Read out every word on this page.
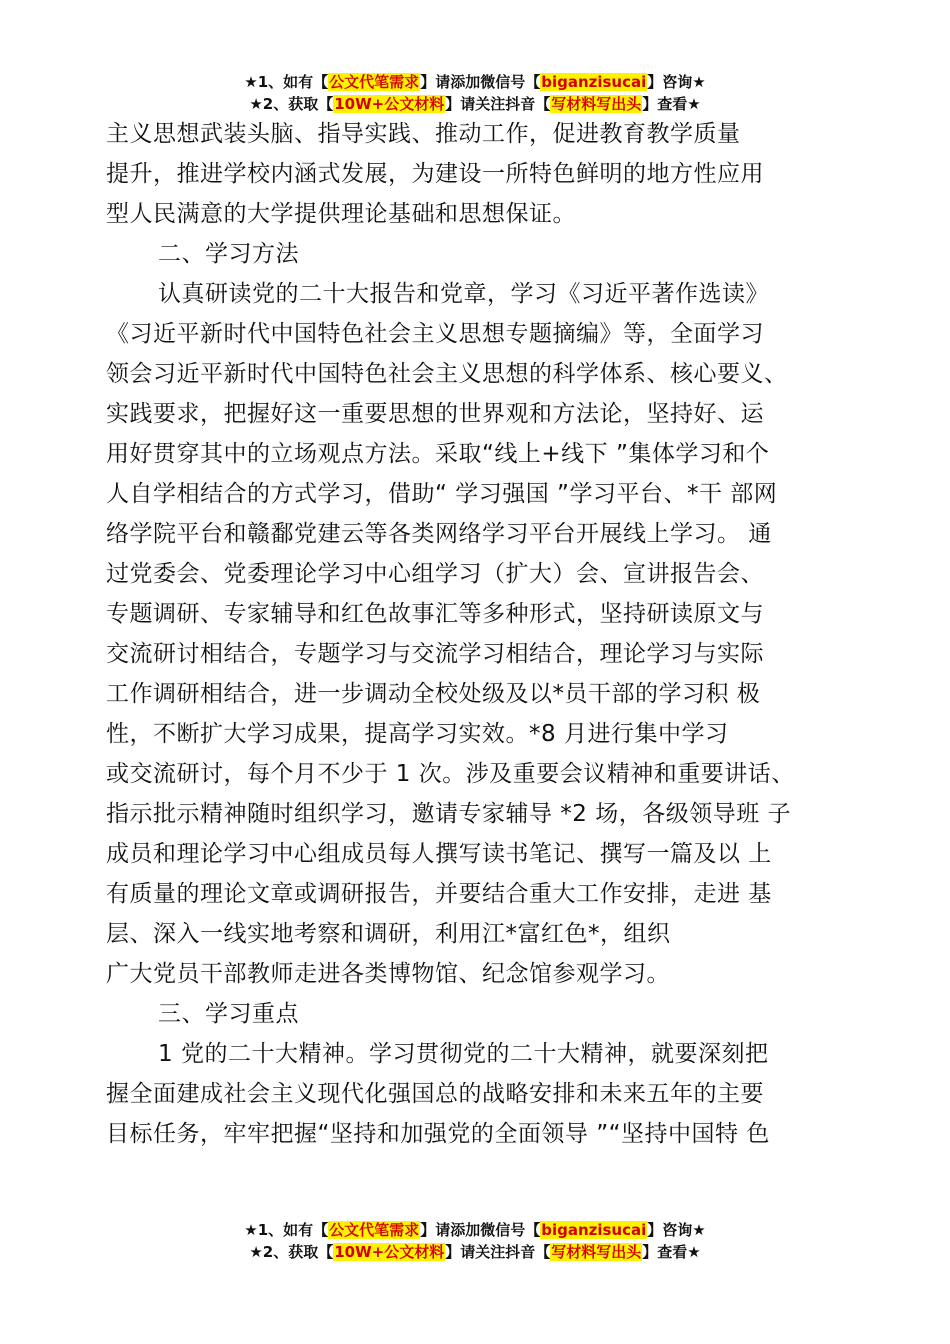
★1、如有【公文代笔需求】请添加微信号【biganzisucai】咨询★
★2、获取【10W+公文材料】请关注抖音【写材料写出头】查看★
主义思想武装头脑、指导实践、推动工作，促进教育教学质量
提升，推进学校内涵式发展，为建设一所特色鲜明的地方性应用
型人民满意的大学提供理论基础和思想保证。
二、学习方法
认真研读党的二十大报告和党章，学习《习近平著作选读》
《习近平新时代中国特色社会主义思想专题摘编》等，全面学习
领会习近平新时代中国特色社会主义思想的科学体系、核心要义、
实践要求，把握好这一重要思想的世界观和方法论，坚持好、运
用好贯穿其中的立场观点方法。采取“线上+线下 ”集体学习和个
人自学相结合的方式学习，借助“ 学习强国 ”学习平台、*干 部网
络学院平台和赣鄱党建云等各类网络学习平台开展线上学习。 通
过党委会、党委理论学习中心组学习（扩大）会、宣讲报告会、
专题调研、专家辅导和红色故事汇等多种形式，坚持研读原文与
交流研讨相结合，专题学习与交流学习相结合，理论学习与实际
工作调研相结合，进一步调动全校处级及以*员干部的学习积 极
性，不断扩大学习成果，提高学习实效。*8 月进行集中学习
或交流研讨，每个月不少于 1 次。涉及重要会议精神和重要讲话、
指示批示精神随时组织学习，邀请专家辅导 *2 场，各级领导班 子
成员和理论学习中心组成员每人撰写读书笔记、撰写一篇及以 上
有质量的理论文章或调研报告，并要结合重大工作安排，走进 基
层、深入一线实地考察和调研，利用江*富红色*，组织
广大党员干部教师走进各类博物馆、纪念馆参观学习。
三、学习重点
1 党的二十大精神。学习贯彻党的二十大精神，就要深刻把
握全面建成社会主义现代化强国总的战略安排和未来五年的主要
目标任务，牢牢把握“坚持和加强党的全面领导 ”“坚持中国特 色
★1、如有【公文代笔需求】请添加微信号【biganzisucai】咨询★
★2、获取【10W+公文材料】请关注抖音【写材料写出头】查看★
